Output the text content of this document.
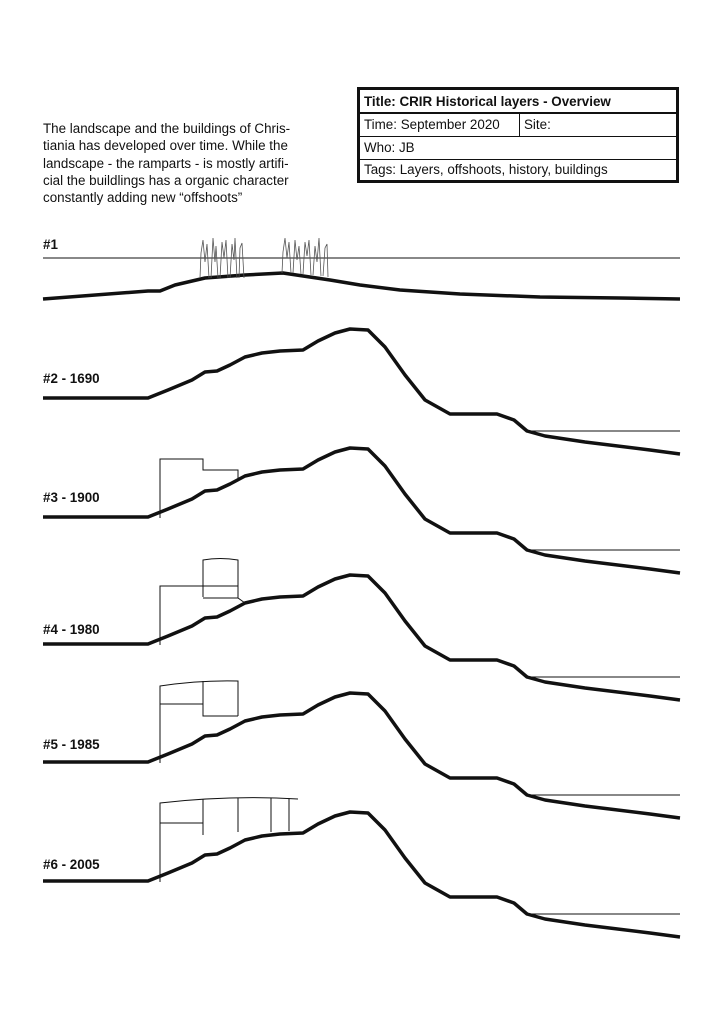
The landscape and the buildings of Chris-
tiania has developed over time. While the
landscape - the ramparts - is mostly artifi-
cial the buildlings has a organic character
constantly adding new “offshoots”

Title: CRIR Historical layers - Overview
Time: September 2020	Site:
Who: JB
Tags: Layers, offshoots, history, buildings
#1
#2 - 1690
#3 - 1900
#4 - 1980
#5 - 1985
#6 - 2005
